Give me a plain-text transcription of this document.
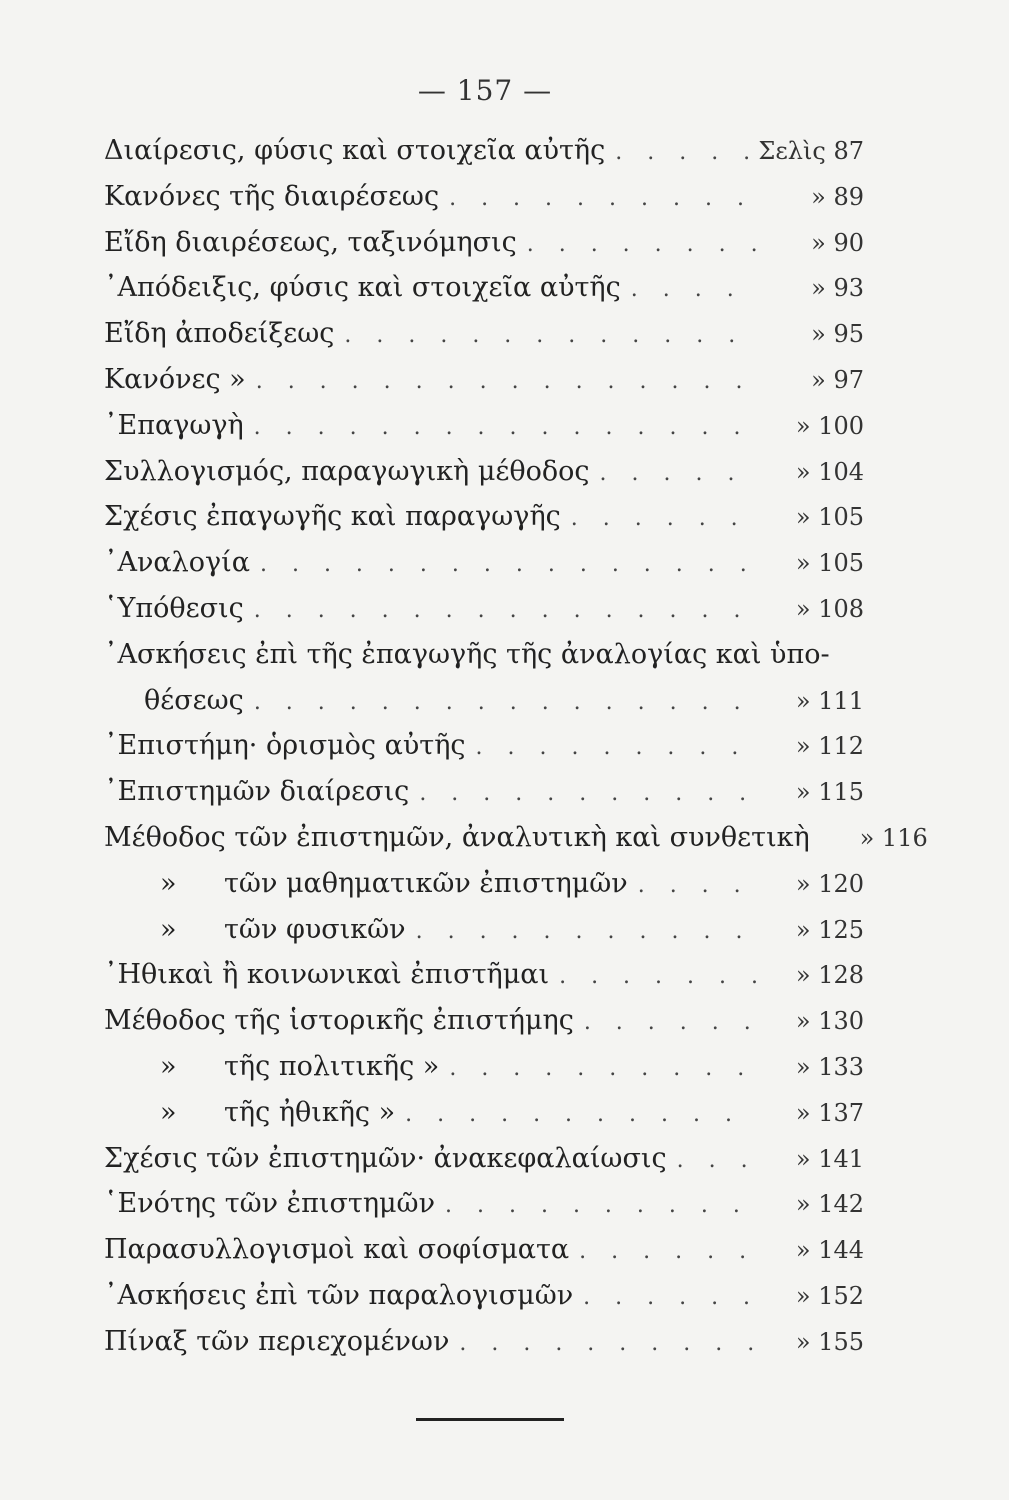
— 157 —
Διαίρεσις, φύσις καὶ στοιχεῖα αὐτῆς . . .	Σελὶς 87
Κανόνες τῆς διαιρέσεως . . .	» 89
Εἴδη διαιρέσεως, ταξινόμησις . . .	» 90
᾿Απόδειξις, φύσις καὶ στοιχεῖα αὐτῆς . . .	» 93
Εἴδη ἀποδείξεως . . .	» 95
Κανόνες » . . .	» 97
᾿Επαγωγὴ . . .	» 100
Συλλογισμός, παραγωγικὴ μέθοδος . . .	» 104
Σχέσις ἐπαγωγῆς καὶ παραγωγῆς . . .	» 105
᾿Αναλογία . . .	» 105
῾Υπόθεσις . . .	» 108
᾿Ασκήσεις ἐπὶ τῆς ἐπαγωγῆς τῆς ἀναλογίας καὶ ὑπο-
θέσεως . . .	» 111
᾿Επιστήμη· ὁρισμὸς αὐτῆς . . .	» 112
᾿Επιστημῶν διαίρεσις . . .	» 115
Μέθοδος τῶν ἐπιστημῶν, ἀναλυτικὴ καὶ συνθετικὴ . . .	» 116
» τῶν μαθηματικῶν ἐπιστημῶν . . .	» 120
» τῶν φυσικῶν . . .	» 125
᾿Ηθικαὶ ἢ κοινωνικαὶ ἐπιστῆμαι . . .	» 128
Μέθοδος τῆς ἱστορικῆς ἐπιστήμης . . .	» 130
» τῆς πολιτικῆς » . . .	» 133
» τῆς ἠθικῆς » . . .	» 137
Σχέσις τῶν ἐπιστημῶν· ἀνακεφαλαίωσις . . .	» 141
῾Ενότης τῶν ἐπιστημῶν . . .	» 142
Παρασυλλογισμοὶ καὶ σοφίσματα . . .	» 144
᾿Ασκήσεις ἐπὶ τῶν παραλογισμῶν . . .	» 152
Πίναξ τῶν περιεχομένων . . .	» 155
